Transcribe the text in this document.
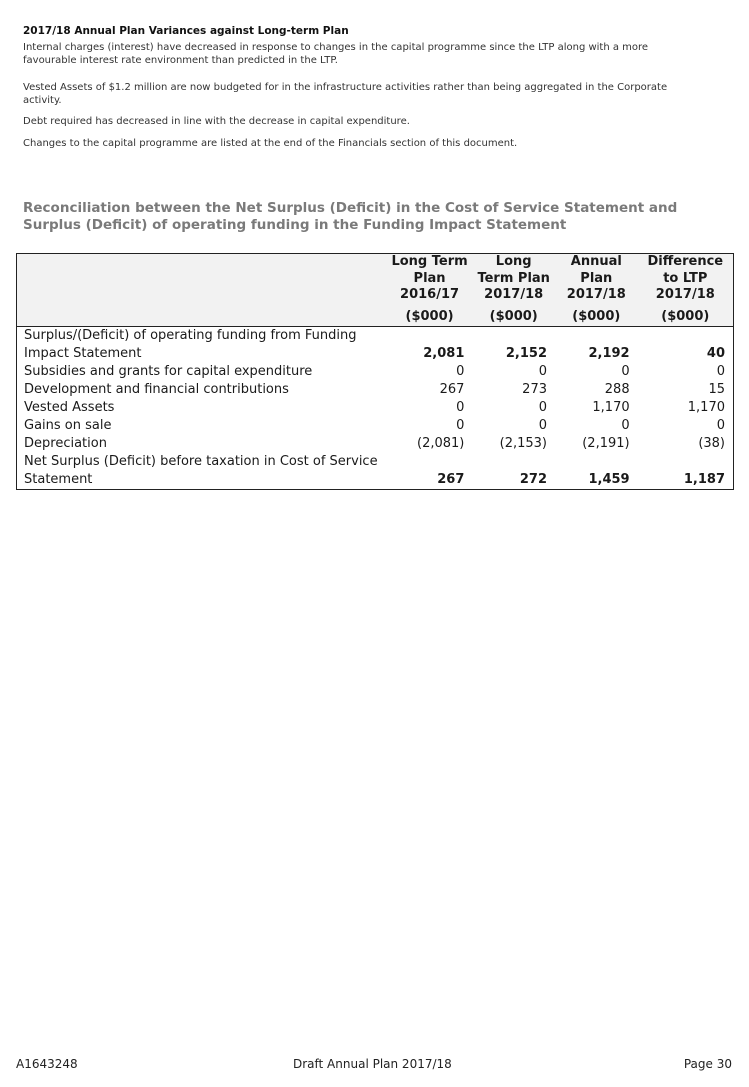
2017/18 Annual Plan Variances against Long-term Plan

Internal charges (interest) have decreased in response to changes in the capital programme since the LTP along with a more favourable interest rate environment than predicted in the LTP.

Vested Assets of $1.2 million are now budgeted for in the infrastructure activities rather than being aggregated in the Corporate activity.

Debt required has decreased in line with the decrease in capital expenditure.

Changes to the capital programme are listed at the end of the Financials section of this document.

Reconciliation between the Net Surplus (Deficit) in the Cost of Service Statement and Surplus (Deficit) of operating funding in the Funding Impact Statement
	Long Term Plan 2016/17	Long Term Plan 2017/18	Annual Plan 2017/18	Difference to LTP 2017/18
	($000)	($000)	($000)	($000)
Surplus/(Deficit) of operating funding from Funding Impact Statement	2,081	2,152	2,192	40
Subsidies and grants for capital expenditure	0	0	0	0
Development and financial contributions	267	273	288	15
Vested Assets	0	0	1,170	1,170
Gains on sale	0	0	0	0
Depreciation	(2,081)	(2,153)	(2,191)	(38)
Net Surplus (Deficit) before taxation in Cost of Service Statement	267	272	1,459	1,187
A1643248	Draft Annual Plan 2017/18	Page 30
